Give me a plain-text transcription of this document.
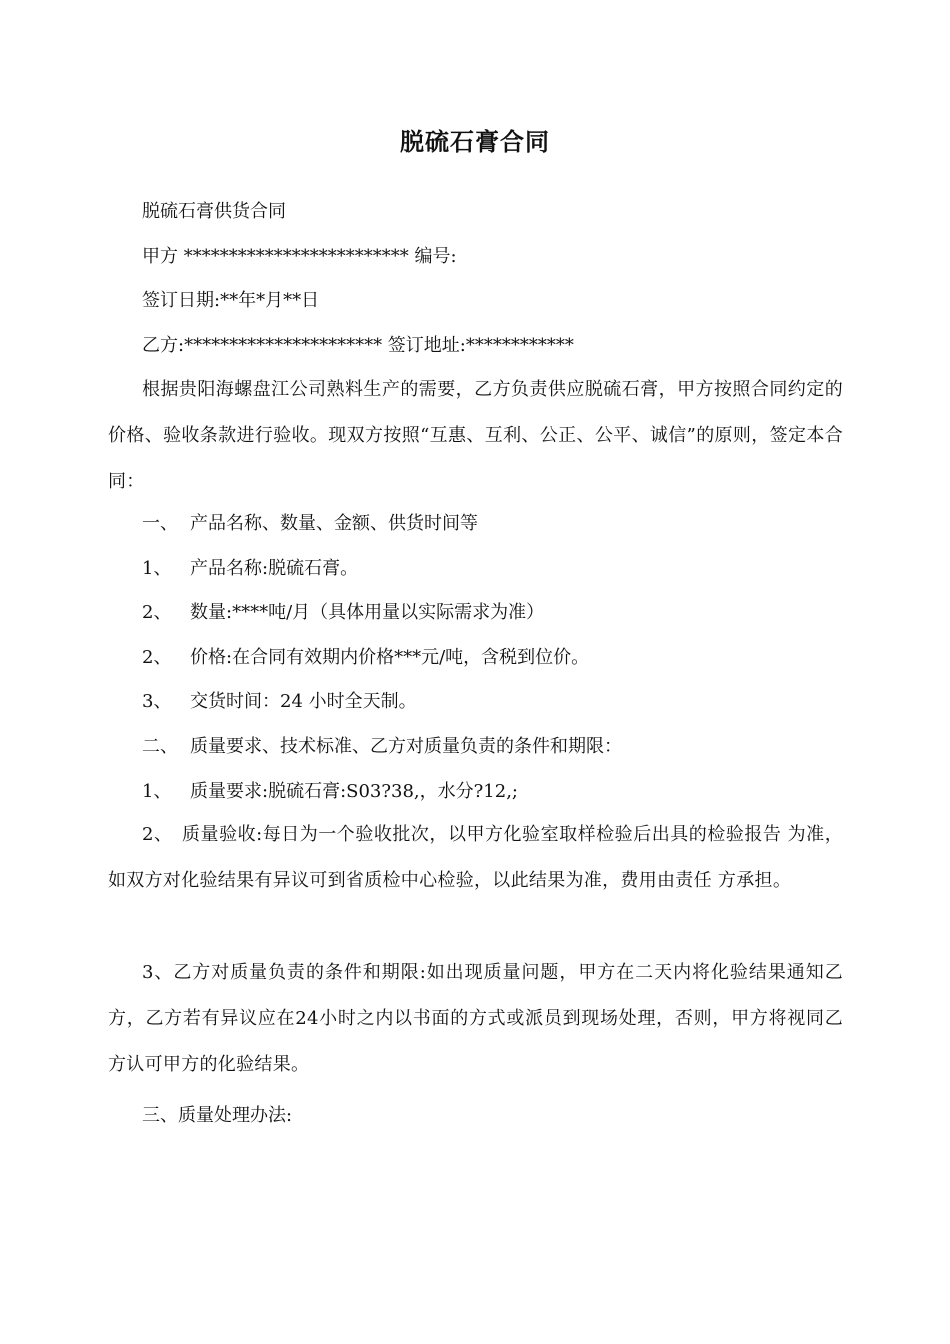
脱硫石膏合同

脱硫石膏供货合同

甲方 ************************* 编号:

签订日期:**年*月**日

乙方:********************** 签订地址:************

根据贵阳海螺盘江公司熟料生产的需要，乙方负责供应脱硫石膏，甲方按照合同约定的价格、验收条款进行验收。现双方按照“互惠、互利、公正、公平、诚信”的原则，签定本合同：

一、 产品名称、数量、金额、供货时间等

1、 产品名称:脱硫石膏。

2、 数量:****吨/月（具体用量以实际需求为准）

2、 价格:在合同有效期内价格***元/吨，含税到位价。

3、 交货时间：24 小时全天制。

二、 质量要求、技术标准、乙方对质量负责的条件和期限：

1、 质量要求:脱硫石膏:S03?38,，水分?12,;

2、　质量验收:每日为一个验收批次，以甲方化验室取样检验后出具的检验报告 为准，如双方对化验结果有异议可到省质检中心检验，以此结果为准，费用由责任 方承担。

3、乙方对质量负责的条件和期限:如出现质量问题，甲方在二天内将化验结果通知乙方，乙方若有异议应在24小时之内以书面的方式或派员到现场处理，否则，甲方将视同乙方认可甲方的化验结果。

三、质量处理办法:
